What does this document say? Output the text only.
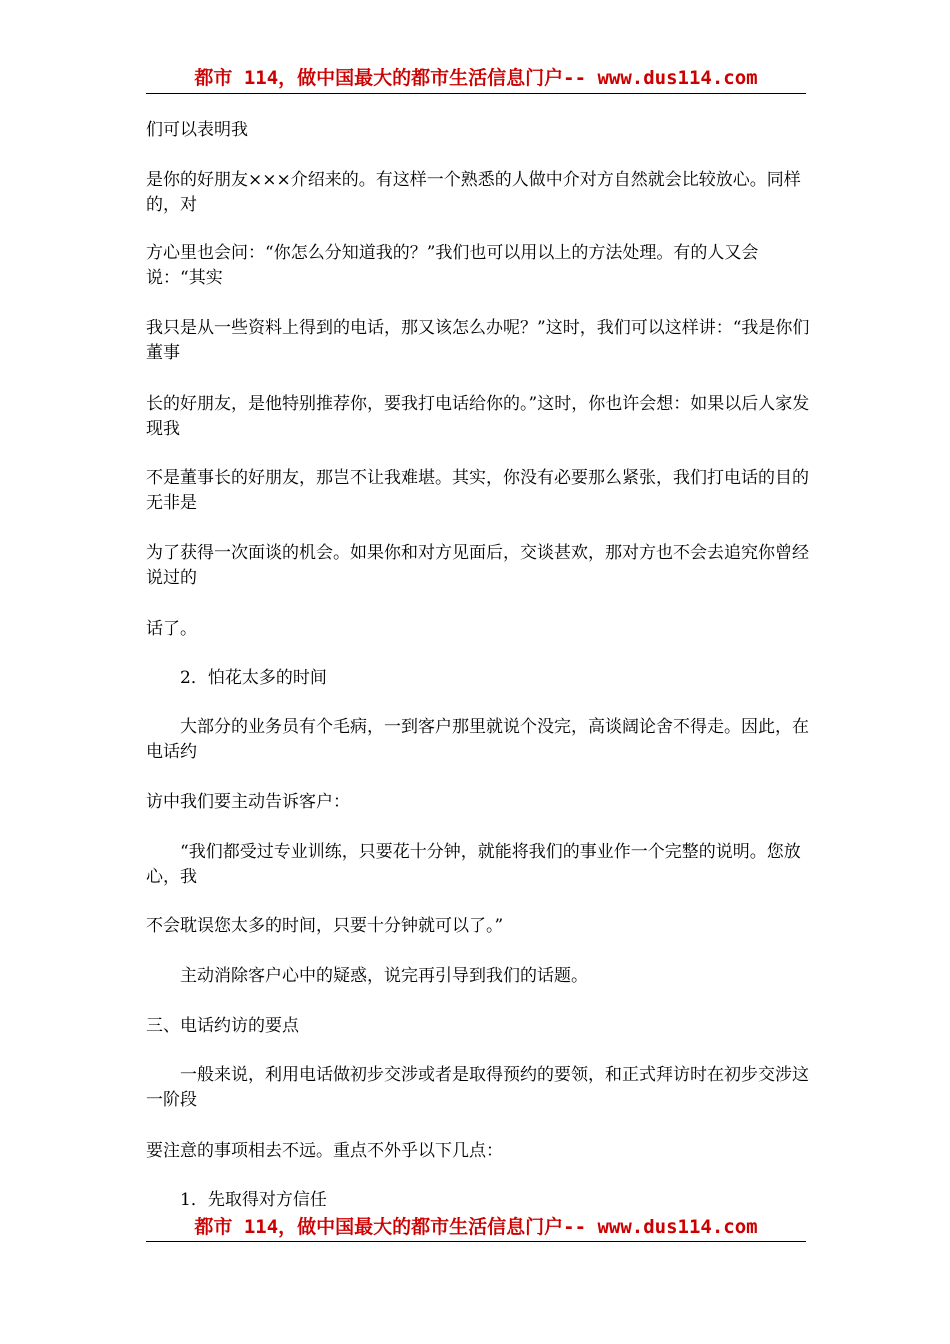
都市 114，做中国最大的都市生活信息门户-- www.dus114.com

们可以表明我

是你的好朋友×××介绍来的。有这样一个熟悉的人做中介对方自然就会比较放心。同样的，对

方心里也会问：“你怎么分知道我的？”我们也可以用以上的方法处理。有的人又会说：“其实

我只是从一些资料上得到的电话，那又该怎么办呢？”这时，我们可以这样讲：“我是你们董事

长的好朋友，是他特别推荐你，要我打电话给你的。”这时，你也许会想：如果以后人家发现我

不是董事长的好朋友，那岂不让我难堪。其实，你没有必要那么紧张，我们打电话的目的无非是

为了获得一次面谈的机会。如果你和对方见面后，交谈甚欢，那对方也不会去追究你曾经说过的

话了。

　　2．怕花太多的时间

　　大部分的业务员有个毛病，一到客户那里就说个没完，高谈阔论舍不得走。因此，在电话约

访中我们要主动告诉客户：

　　“我们都受过专业训练，只要花十分钟，就能将我们的事业作一个完整的说明。您放心，我

不会耽误您太多的时间，只要十分钟就可以了。”

　　主动消除客户心中的疑惑，说完再引导到我们的话题。

三、电话约访的要点

　　一般来说，利用电话做初步交涉或者是取得预约的要领，和正式拜访时在初步交涉这一阶段

要注意的事项相去不远。重点不外乎以下几点：

　　1．先取得对方信任

都市 114，做中国最大的都市生活信息门户-- www.dus114.com
